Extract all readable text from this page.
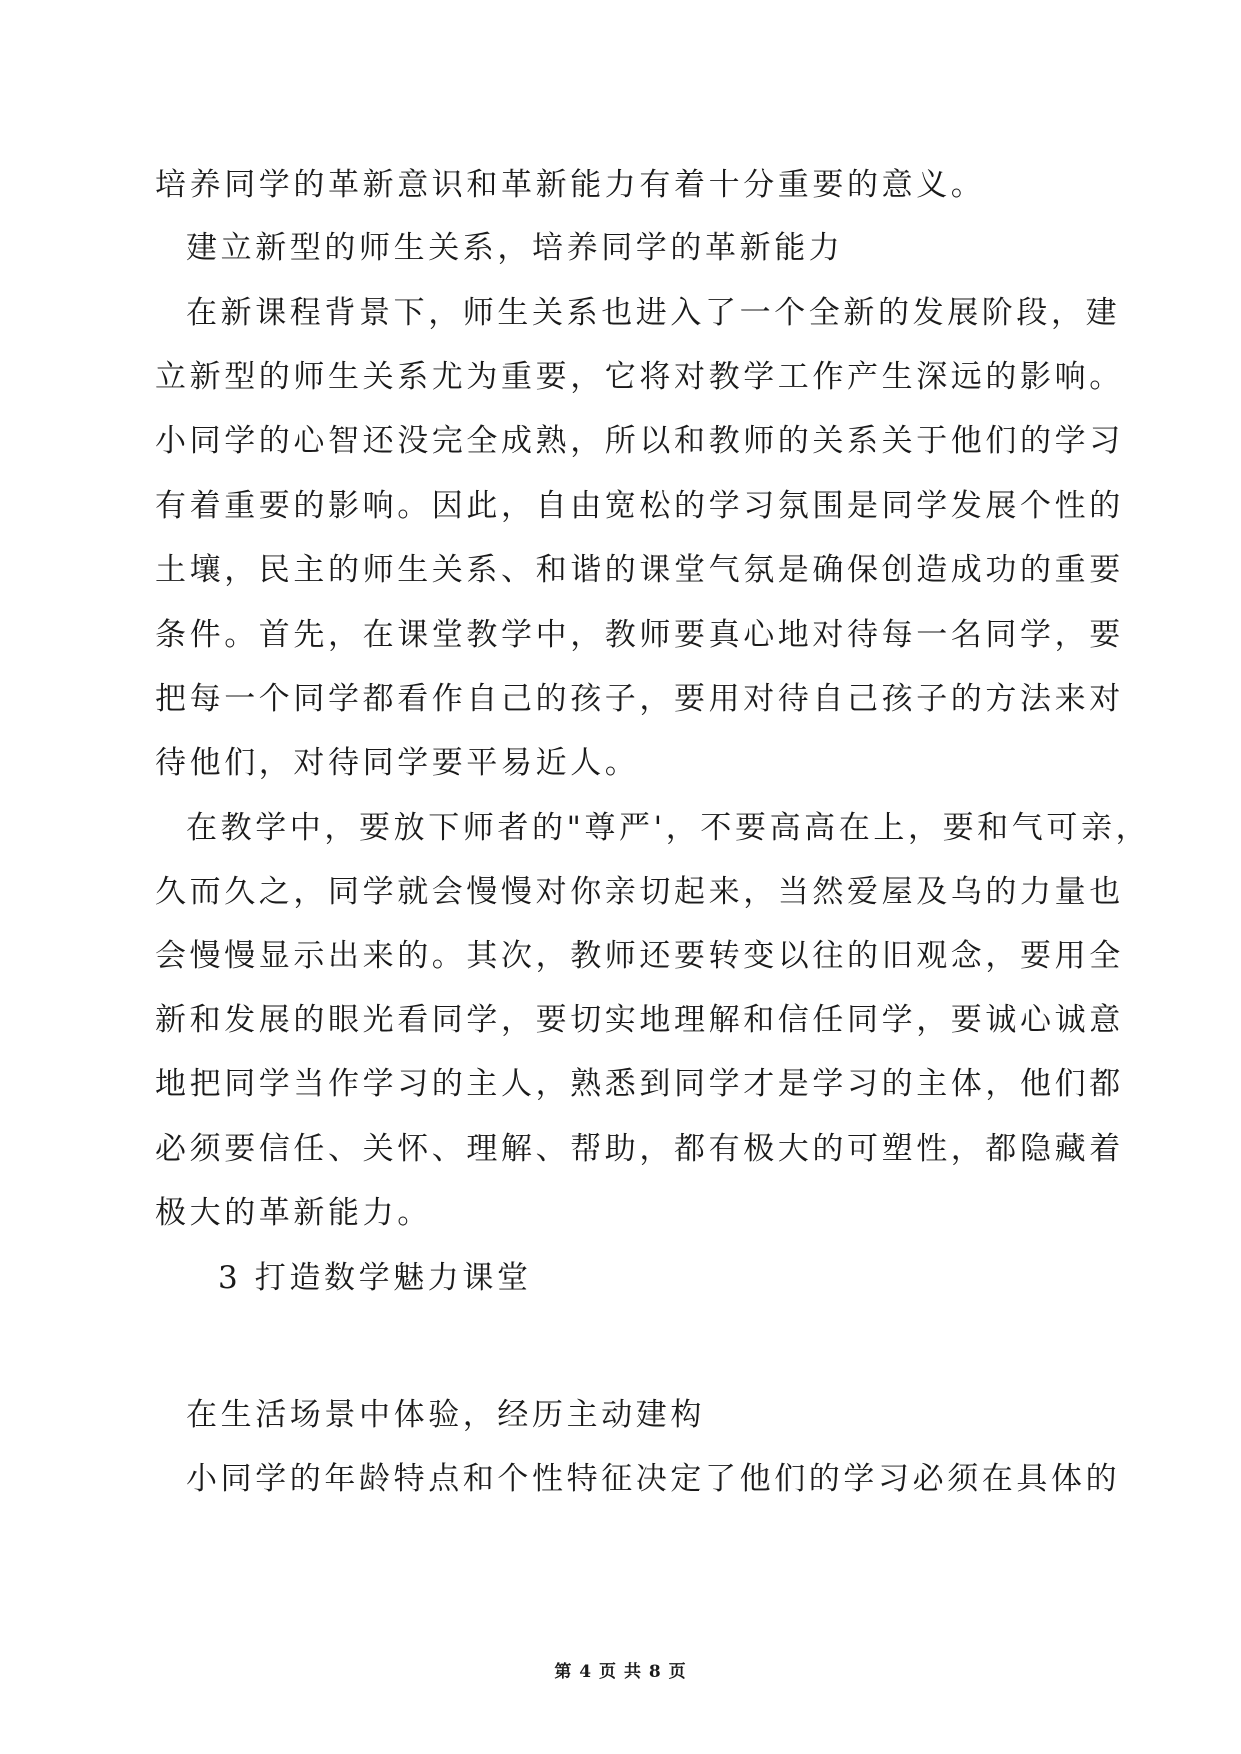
培养同学的革新意识和革新能力有着十分重要的意义。
建立新型的师生关系，培养同学的革新能力
在新课程背景下，师生关系也进入了一个全新的发展阶段，建
立新型的师生关系尤为重要，它将对教学工作产生深远的影响。
小同学的心智还没完全成熟，所以和教师的关系关于他们的学习
有着重要的影响。因此，自由宽松的学习氛围是同学发展个性的
土壤，民主的师生关系、和谐的课堂气氛是确保创造成功的重要
条件。首先，在课堂教学中，教师要真心地对待每一名同学，要
把每一个同学都看作自己的孩子，要用对待自己孩子的方法来对
待他们，对待同学要平易近人。
在教学中，要放下师者的"尊严'，不要高高在上，要和气可亲，
久而久之，同学就会慢慢对你亲切起来，当然爱屋及乌的力量也
会慢慢显示出来的。其次，教师还要转变以往的旧观念，要用全
新和发展的眼光看同学，要切实地理解和信任同学，要诚心诚意
地把同学当作学习的主人，熟悉到同学才是学习的主体，他们都
必须要信任、关怀、理解、帮助，都有极大的可塑性，都隐藏着
极大的革新能力。
3 打造数学魅力课堂
在生活场景中体验，经历主动建构
小同学的年龄特点和个性特征决定了他们的学习必须在具体的
第 4 页 共 8 页
